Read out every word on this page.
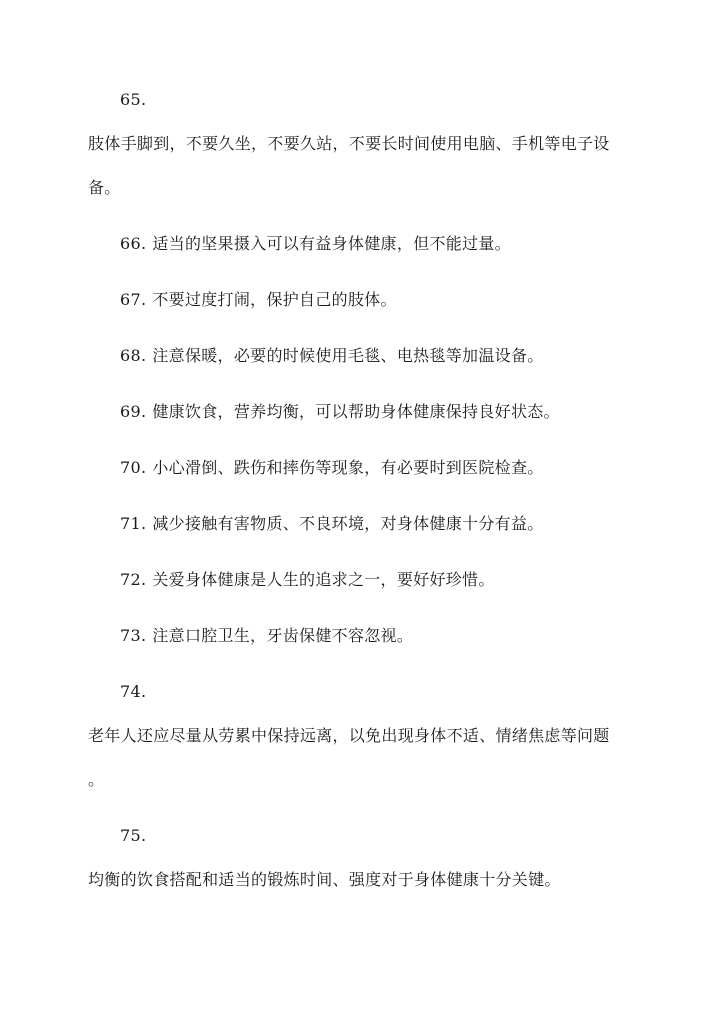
65.
肢体手脚到，不要久坐，不要久站，不要长时间使用电脑、手机等电子设
备。
66. 适当的坚果摄入可以有益身体健康，但不能过量。
67. 不要过度打闹，保护自己的肢体。
68. 注意保暖，必要的时候使用毛毯、电热毯等加温设备。
69. 健康饮食，营养均衡，可以帮助身体健康保持良好状态。
70. 小心滑倒、跌伤和摔伤等现象，有必要时到医院检查。
71. 减少接触有害物质、不良环境，对身体健康十分有益。
72. 关爱身体健康是人生的追求之一，要好好珍惜。
73. 注意口腔卫生，牙齿保健不容忽视。
74.
老年人还应尽量从劳累中保持远离，以免出现身体不适、情绪焦虑等问题
。
75.
均衡的饮食搭配和适当的锻炼时间、强度对于身体健康十分关键。
